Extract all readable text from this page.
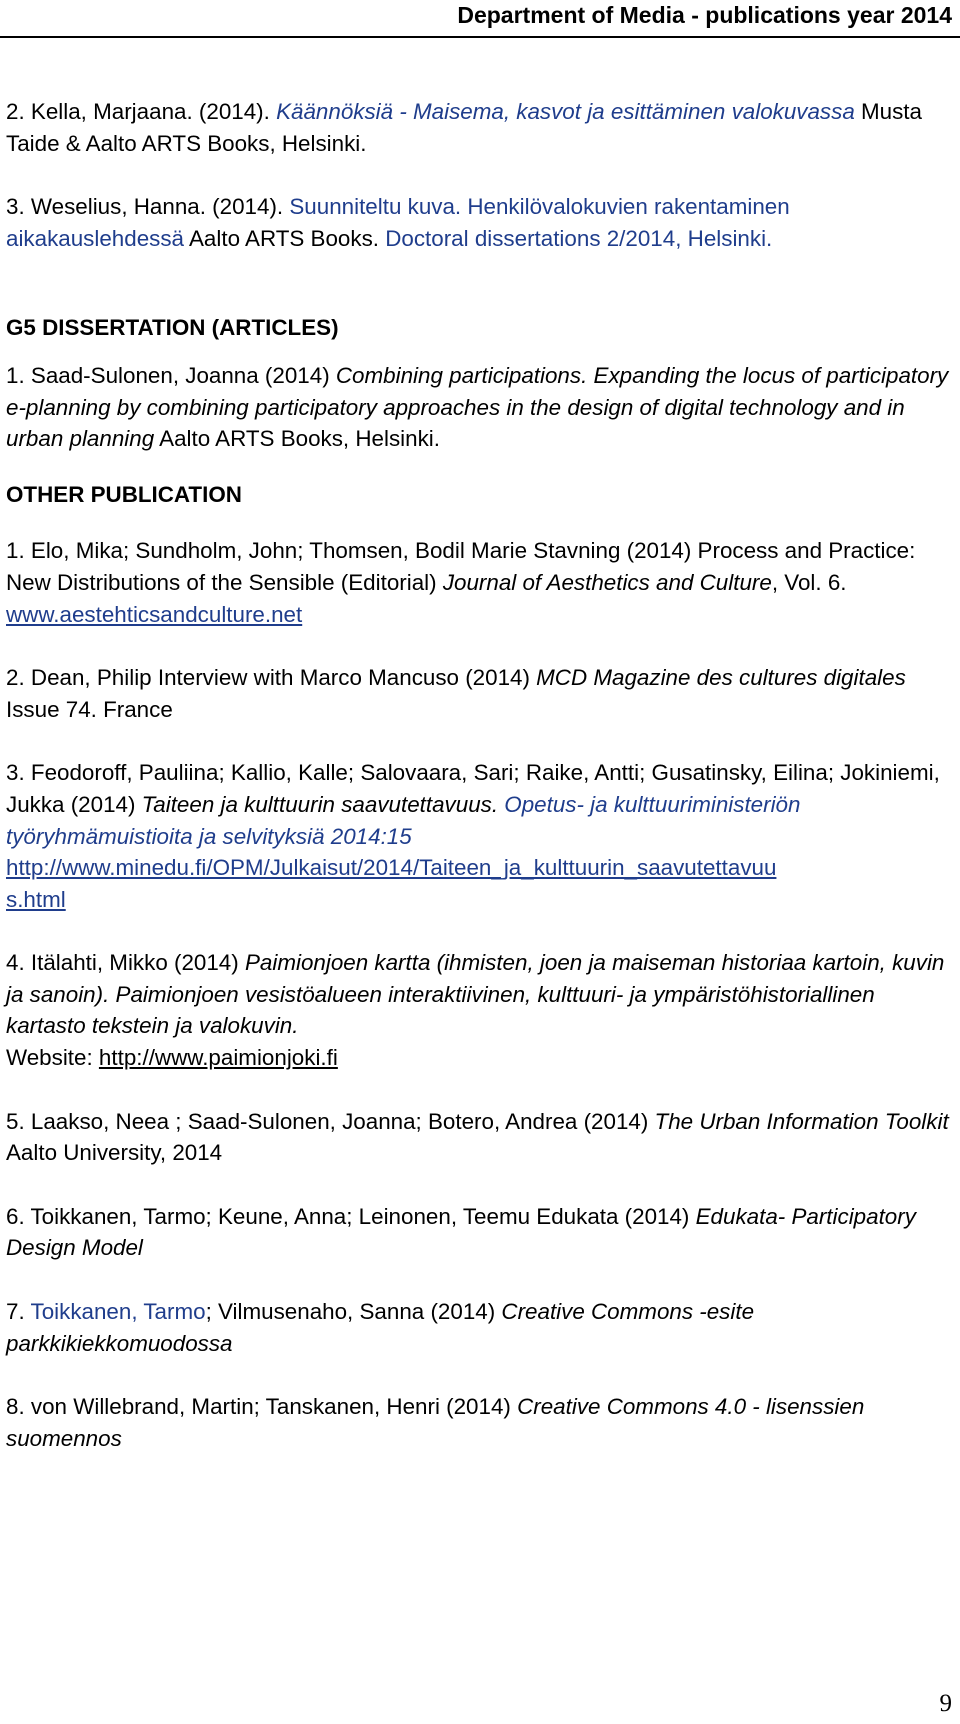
Department of Media - publications year 2014

2. Kella, Marjaana. (2014). Käännöksiä - Maisema, kasvot ja esittäminen valokuvassa Musta Taide & Aalto ARTS Books, Helsinki.

3. Weselius, Hanna. (2014). Suunniteltu kuva. Henkilövalokuvien rakentaminen aikakauslehdessä Aalto ARTS Books. Doctoral dissertations 2/2014, Helsinki.

G5 DISSERTATION (ARTICLES)

1. Saad-Sulonen, Joanna (2014) Combining participations. Expanding the locus of participatory e-planning by combining participatory approaches in the design of digital technology and in urban planning Aalto ARTS Books, Helsinki.

OTHER PUBLICATION

1. Elo, Mika; Sundholm, John; Thomsen, Bodil Marie Stavning (2014) Process and Practice: New Distributions of the Sensible (Editorial) Journal of Aesthetics and Culture, Vol. 6. www.aestehticsandculture.net

2. Dean, Philip Interview with Marco Mancuso (2014) MCD Magazine des cultures digitales Issue 74. France

3. Feodoroff, Pauliina; Kallio, Kalle; Salovaara, Sari; Raike, Antti; Gusatinsky, Eilina; Jokiniemi, Jukka (2014) Taiteen ja kulttuurin saavutettavuus. Opetus- ja kulttuuriministeriön työryhmämuistioita ja selvityksiä 2014:15
http://www.minedu.fi/OPM/Julkaisut/2014/Taiteen_ja_kulttuurin_saavutettavuu
s.html

4. Itälahti, Mikko (2014) Paimionjoen kartta (ihmisten, joen ja maiseman historiaa kartoin, kuvin ja sanoin). Paimionjoen vesistöalueen interaktiivinen, kulttuuri- ja ympäristöhistoriallinen kartasto tekstein ja valokuvin.
Website: http://www.paimionjoki.fi

5. Laakso, Neea ; Saad-Sulonen, Joanna; Botero, Andrea (2014) The Urban Information Toolkit Aalto University, 2014

6. Toikkanen, Tarmo; Keune, Anna; Leinonen, Teemu Edukata (2014) Edukata- Participatory Design Model

7. Toikkanen, Tarmo; Vilmusenaho, Sanna (2014) Creative Commons -esite parkkikiekkomuodossa

8. von Willebrand, Martin; Tanskanen, Henri (2014) Creative Commons 4.0 - lisenssien suomennos

9
